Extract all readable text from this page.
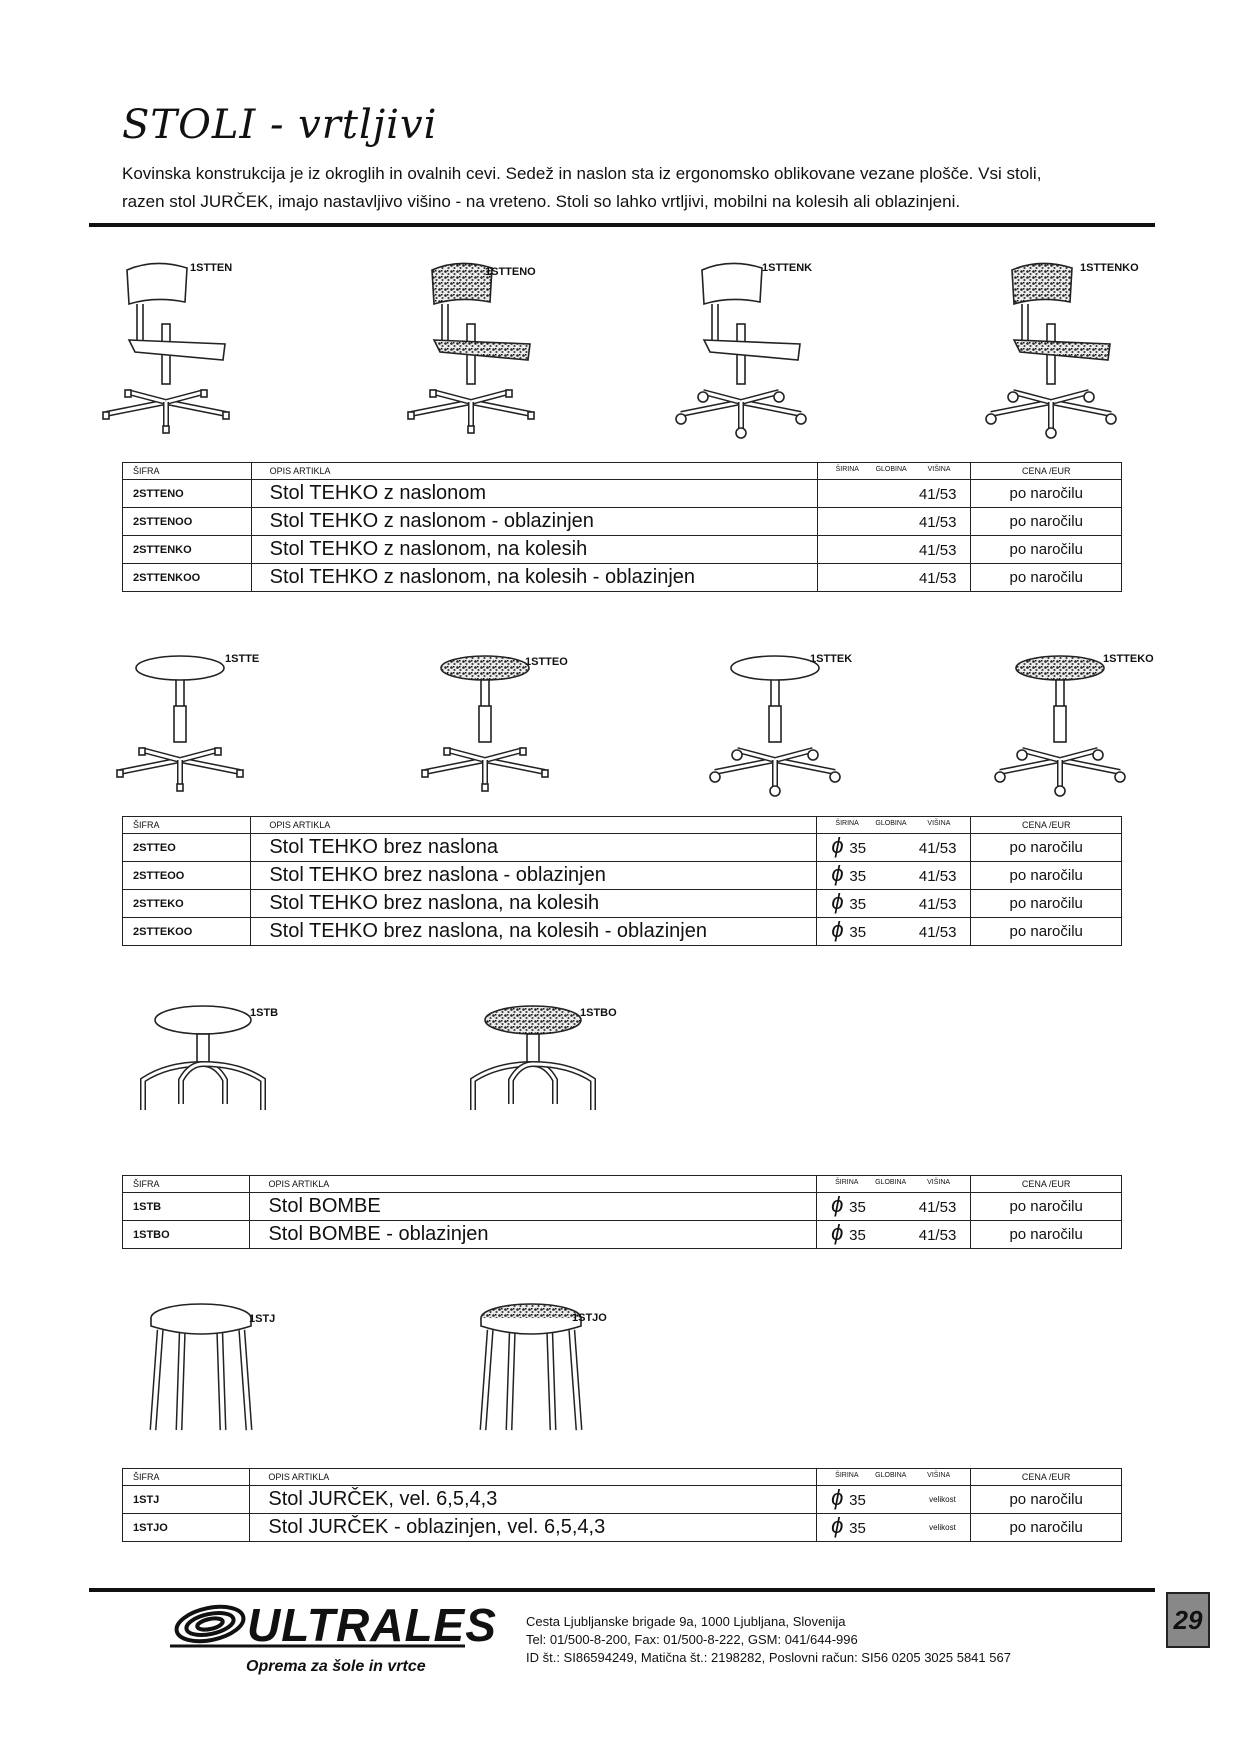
STOLI - vrtljivi
Kovinska konstrukcija je iz okroglih in ovalnih cevi. Sedež in naslon sta iz ergonomsko oblikovane vezane plošče. Vsi stoli,
razen stol JURČEK, imajo nastavljivo višino - na vreteno. Stoli so lahko vrtljivi, mobilni na kolesih ali oblazinjeni.
1STTEN	1STTENO	1STTENK	1STTENKO
1STTE	1STTEO	1STTEK	1STTEKO
1STB	1STBO
1STJ	1STJO
ŠIFRA	OPIS ARTIKLA	ŠIRINA GLOBINA VIŠINA	CENA /EUR
2STTENO	Stol TEHKO z naslonom	41/53	po naročilu
2STTENOO	Stol TEHKO z naslonom - oblazinjen	41/53	po naročilu
2STTENKO	Stol TEHKO z naslonom, na kolesih	41/53	po naročilu
2STTENKOO	Stol TEHKO z naslonom, na kolesih - oblazinjen	41/53	po naročilu
ŠIFRA	OPIS ARTIKLA	ŠIRINA GLOBINA VIŠINA	CENA /EUR
2STTEO	Stol TEHKO brez naslona	ϕ 35 41/53	po naročilu
2STTEOO	Stol TEHKO brez naslona - oblazinjen	ϕ 35 41/53	po naročilu
2STTEKO	Stol TEHKO brez naslona, na kolesih	ϕ 35 41/53	po naročilu
2STTEKOO	Stol TEHKO brez naslona, na kolesih - oblazinjen	ϕ 35 41/53	po naročilu
ŠIFRA	OPIS ARTIKLA	ŠIRINA GLOBINA VIŠINA	CENA /EUR
1STB	Stol BOMBE	ϕ 35 41/53	po naročilu
1STBO	Stol BOMBE - oblazinjen	ϕ 35 41/53	po naročilu
ŠIFRA	OPIS ARTIKLA	ŠIRINA GLOBINA VIŠINA	CENA /EUR
1STJ	Stol JURČEK, vel. 6,5,4,3	ϕ 35 velikost	po naročilu
1STJO	Stol JURČEK - oblazinjen, vel. 6,5,4,3	ϕ 35 velikost	po naročilu
ULTRALES
Oprema za šole in vrtce
Cesta Ljubljanske brigade 9a, 1000 Ljubljana, Slovenija
Tel: 01/500-8-200, Fax: 01/500-8-222, GSM: 041/644-996
ID št.: SI86594249, Matična št.: 2198282, Poslovni račun: SI56 0205 3025 5841 567
29
